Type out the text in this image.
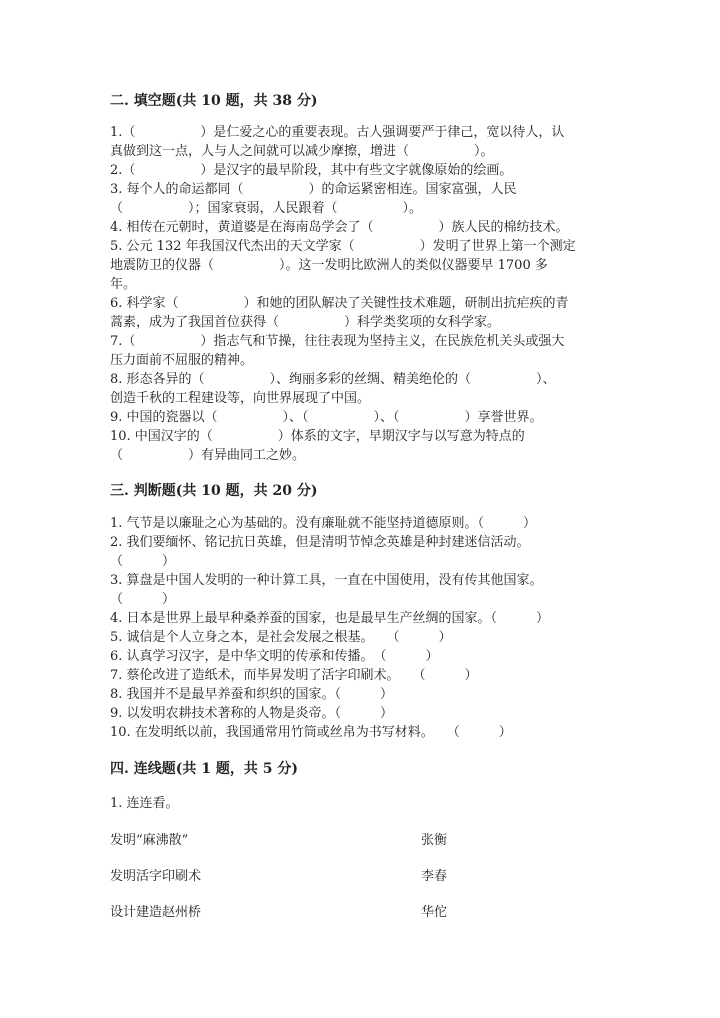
二. 填空题(共 10 题，共 38 分)
1.（　　　　　）是仁爱之心的重要表现。古人强调要严于律己，宽以待人，认
真做到这一点，人与人之间就可以减少摩擦，增进（　　　　　）。
2.（　　　　　）是汉字的最早阶段，其中有些文字就像原始的绘画。
3. 每个人的命运都同（　　　　　）的命运紧密相连。国家富强，人民
（　　　　　）；国家衰弱，人民跟着（　　　　　）。
4. 相传在元朝时，黄道婆是在海南岛学会了（　　　　　）族人民的棉纺技术。
5. 公元 132 年我国汉代杰出的天文学家（　　　　　）发明了世界上第一个测定
地震防卫的仪器（　　　　　）。这一发明比欧洲人的类似仪器要早 1700 多
年。
6. 科学家（　　　　　）和她的团队解决了关键性技术难题，研制出抗疟疾的青
蒿素，成为了我国首位获得（　　　　　）科学类奖项的女科学家。
7.（　　　　　）指志气和节操，往往表现为坚持主义，在民族危机关头或强大
压力面前不屈服的精神。
8. 形态各异的（　　　　　）、绚丽多彩的丝绸、精美绝伦的（　　　　　）、
创造千秋的工程建设等，向世界展现了中国。
9. 中国的瓷器以（　　　　　）、（　　　　　）、（　　　　　）享誉世界。
10. 中国汉字的（　　　　　）体系的文字，早期汉字与以写意为特点的
（　　　　　）有异曲同工之妙。
三. 判断题(共 10 题，共 20 分)
1. 气节是以廉耻之心为基础的。没有廉耻就不能坚持道德原则。（　　　）
2. 我们要缅怀、铭记抗日英雄，但是清明节悼念英雄是种封建迷信活动。
（　　　）
3. 算盘是中国人发明的一种计算工具，一直在中国使用，没有传其他国家。
（　　　）
4. 日本是世界上最早种桑养蚕的国家，也是最早生产丝绸的国家。（　　　）
5. 诚信是个人立身之本，是社会发展之根基。　　（　　　）
6. 认真学习汉字，是中华文明的传承和传播。　（　　　）
7. 蔡伦改进了造纸术，而毕昇发明了活字印刷术。　　（　　　）
8. 我国并不是最早养蚕和织织的国家。（　　　）
9. 以发明农耕技术著称的人物是炎帝。（　　　）
10. 在发明纸以前，我国通常用竹筒或丝帛为书写材料。　　（　　　）
四. 连线题(共 1 题，共 5 分)
1. 连连看。
发明“麻沸散”	张衡
发明活字印刷术	李春
设计建造赵州桥	华佗
